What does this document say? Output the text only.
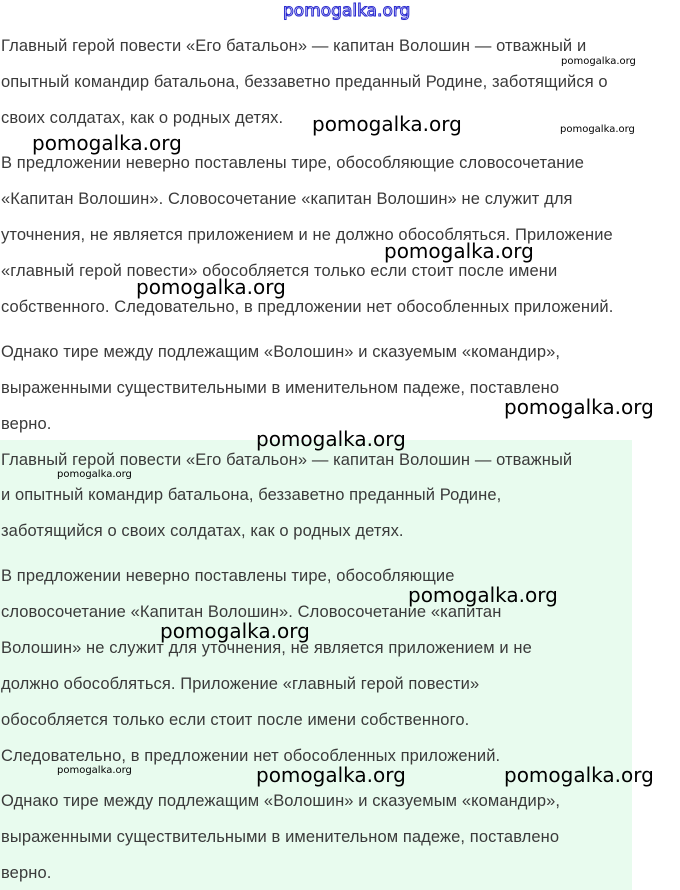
pomogalka.org

Главный герой повести «Его батальон» — капитан Волошин — отважный и

опытный командир батальона, беззаветно преданный Родине, заботящийся о

своих солдатах, как о родных детях.

В предложении неверно поставлены тире, обособляющие словосочетание

«Капитан Волошин». Словосочетание «капитан Волошин» не служит для

уточнения, не является приложением и не должно обособляться. Приложение

«главный герой повести» обособляется только если стоит после имени

собственного. Следовательно, в предложении нет обособленных приложений.

Однако тире между подлежащим «Волошин» и сказуемым «командир»,

выраженными существительными в именительном падеже, поставлено

верно.

Главный герой повести «Его батальон» — капитан Волошин — отважный

и опытный командир батальона, беззаветно преданный Родине,

заботящийся о своих солдатах, как о родных детях.

В предложении неверно поставлены тире, обособляющие

словосочетание «Капитан Волошин». Словосочетание «капитан

Волошин» не служит для уточнения, не является приложением и не

должно обособляться. Приложение «главный герой повести»

обособляется только если стоит после имени собственного.

Следовательно, в предложении нет обособленных приложений.

Однако тире между подлежащим «Волошин» и сказуемым «командир»,

выраженными существительными в именительном падеже, поставлено

верно.

pomogalka.org
pomogalka.org	pomogalka.org
pomogalka.org
pomogalka.org
pomogalka.org
pomogalka.org
pomogalka.org
pomogalka.org
pomogalka.org
pomogalka.org
pomogalka.org	pomogalka.org	pomogalka.org
